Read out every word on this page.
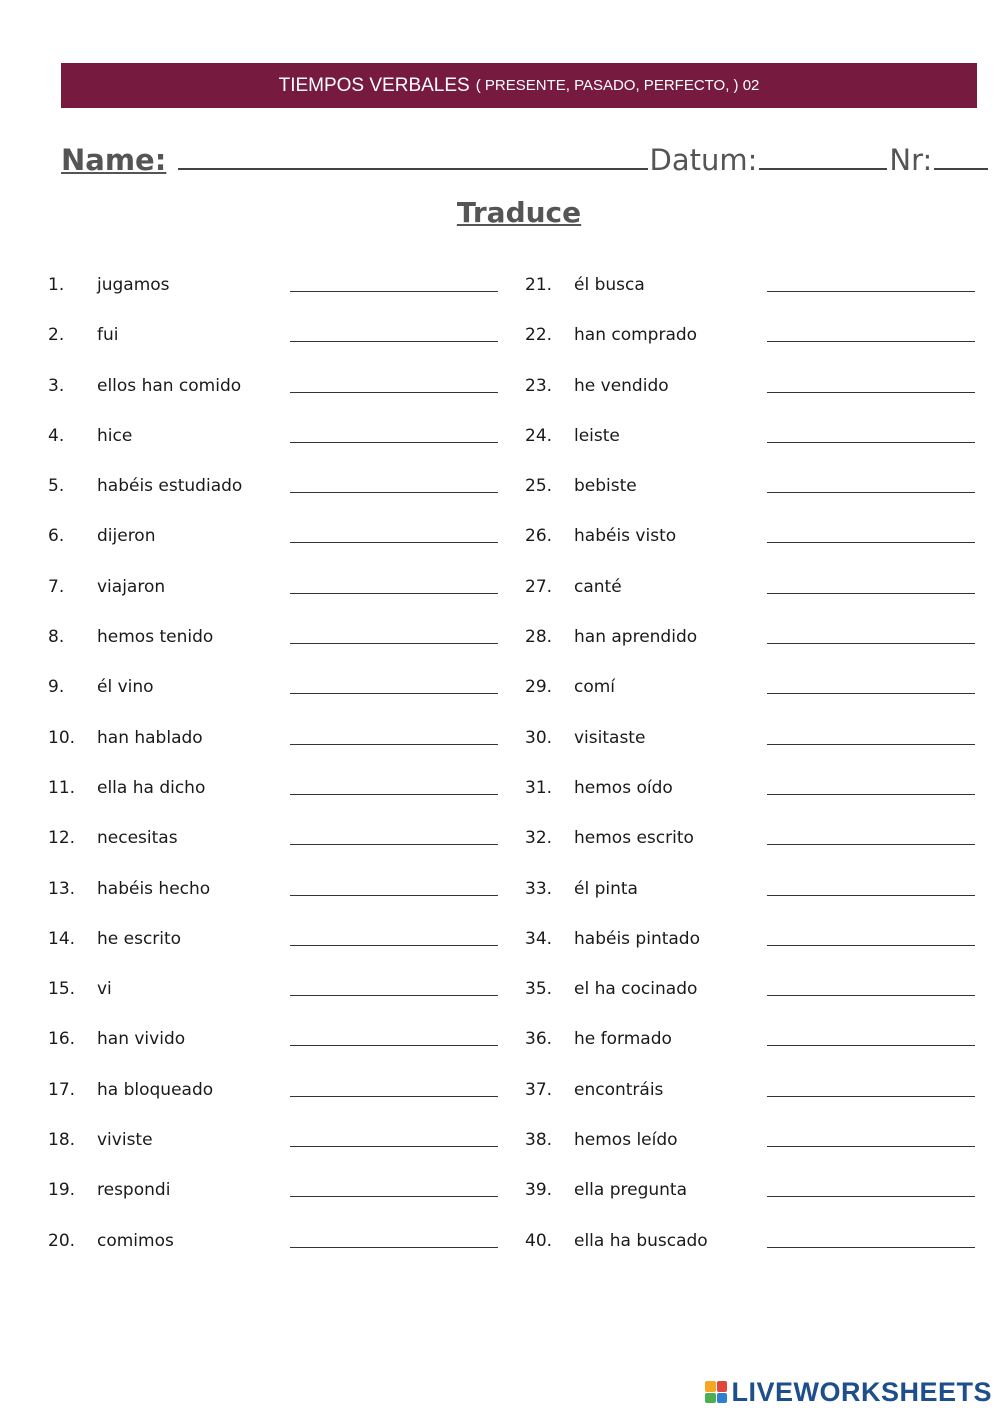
TIEMPOS VERBALES ( PRESENTE, PASADO, PERFECTO, ) 02
Name:	Datum:	Nr:
Traduce
1.	jugamos
2.	fui
3.	ellos han comido
4.	hice
5.	habéis estudiado
6.	dijeron
7.	viajaron
8.	hemos tenido
9.	él vino
10.	han hablado
11.	ella ha dicho
12.	necesitas
13.	habéis hecho
14.	he escrito
15.	vi
16.	han vivido
17.	ha bloqueado
18.	viviste
19.	respondi
20.	comimos
21.	él busca
22.	han comprado
23.	he vendido
24.	leiste
25.	bebiste
26.	habéis visto
27.	canté
28.	han aprendido
29.	comí
30.	visitaste
31.	hemos oído
32.	hemos escrito
33.	él pinta
34.	habéis pintado
35.	el ha cocinado
36.	he formado
37.	encontráis
38.	hemos leído
39.	ella pregunta
40.	ella ha buscado
LIVEWORKSHEETS
